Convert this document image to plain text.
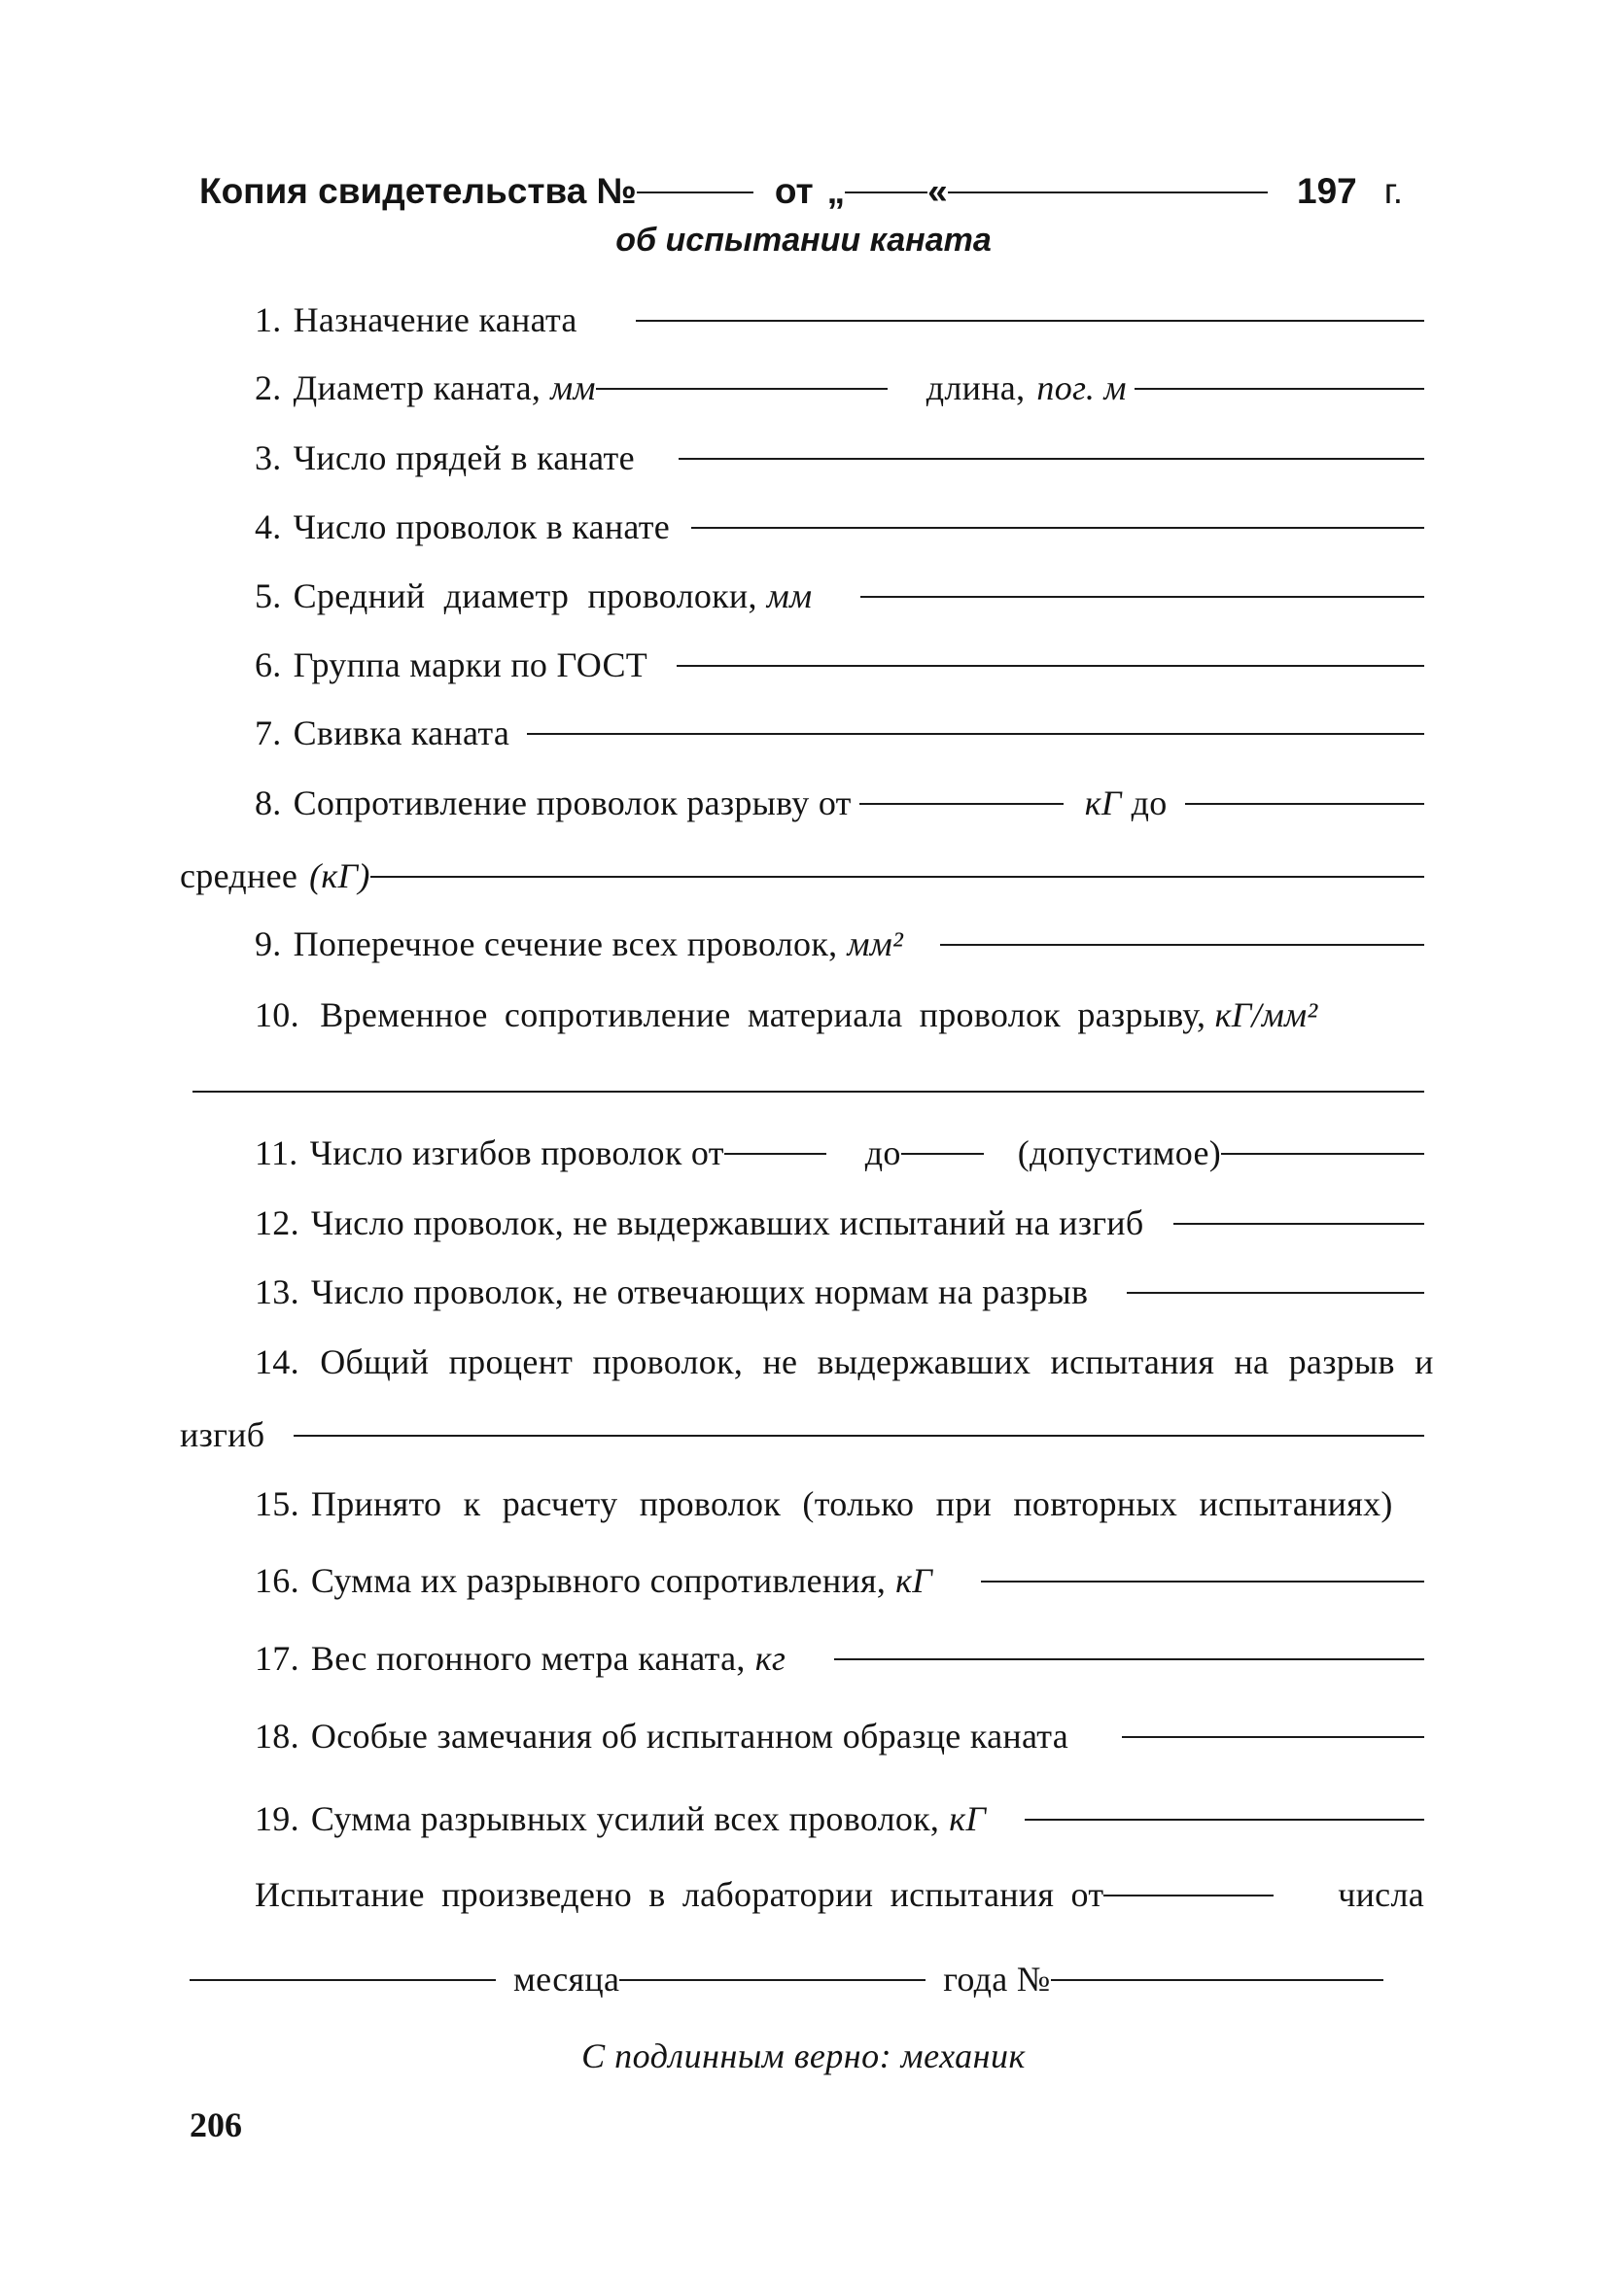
Копия свидетельства №	от „ «	197 г.
об испытании каната
1. Назначение каната
2. Диаметр каната, мм	длина, пог. м
3. Число прядей в канате
4. Число проволок в канате
5. Средний диаметр проволоки, мм
6. Группа марки по ГОСТ
7. Свивка каната
8. Сопротивление проволок разрыву от	кГ до
среднее (кГ)
9. Поперечное сечение всех проволок, мм²
10. Временное сопротивление материала проволок разрыву, кГ/мм²
11. Число изгибов проволок от	до	(допустимое)
12. Число проволок, не выдержавших испытаний на изгиб
13. Число проволок, не отвечающих нормам на разрыв
14. Общий процент проволок, не выдержавших испытания на разрыв и
изгиб
15. Принято к расчету проволок (только при повторных испытаниях)
16. Сумма их разрывного сопротивления, кГ
17. Вес погонного метра каната, кг
18. Особые замечания об испытанном образце каната
19. Сумма разрывных усилий всех проволок, кГ
Испытание произведено в лаборатории испытания от	числа
месяца	года №
С подлинным верно: механик
206
